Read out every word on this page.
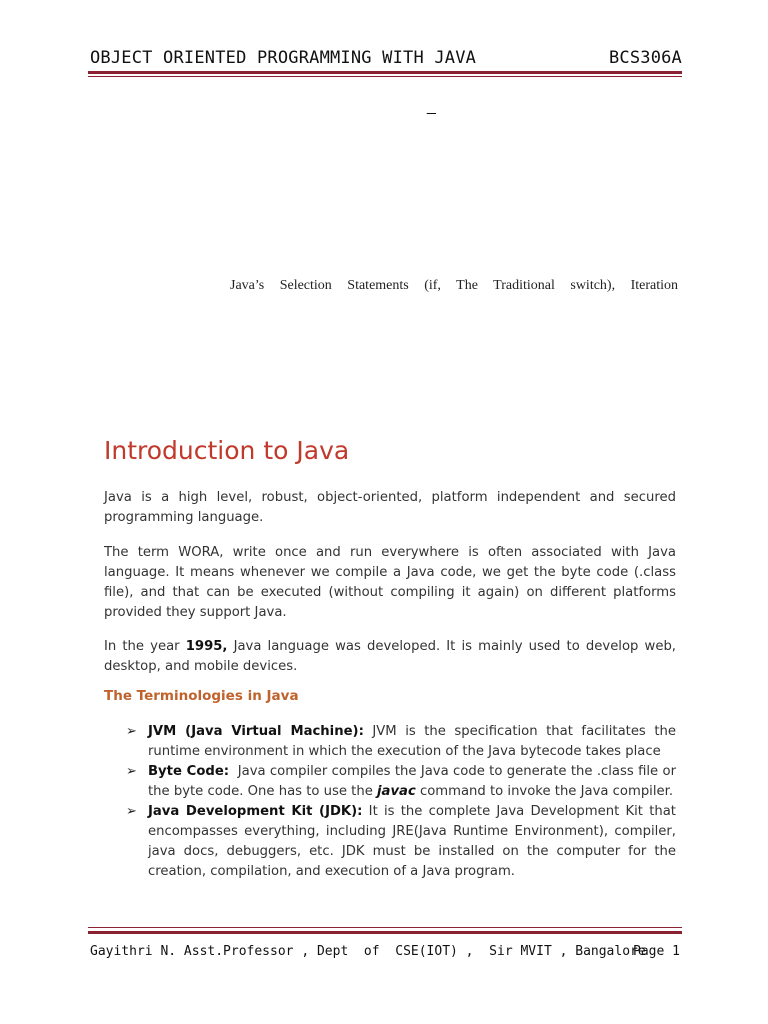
OBJECT ORIENTED PROGRAMMING WITH JAVA	BCS306A
_
Java’s Selection Statements (if, The Traditional switch), Iteration
Introduction to Java

Java is a high level, robust, object-oriented, platform independent and secured programming language.

The term WORA, write once and run everywhere is often associated with Java language. It means whenever we compile a Java code, we get the byte code (.class file), and that can be executed (without compiling it again) on different platforms provided they support Java.

In the year 1995, Java language was developed. It is mainly used to develop web, desktop, and mobile devices.

The Terminologies in Java
➢ JVM (Java Virtual Machine): JVM is the specification that facilitates the runtime environment in which the execution of the Java bytecode takes place
➢ Byte Code:  Java compiler compiles the Java code to generate the .class file or the byte code. One has to use the javac command to invoke the Java compiler.
➢ Java Development Kit (JDK): It is the complete Java Development Kit that encompasses everything, including JRE(Java Runtime Environment), compiler, java docs, debuggers, etc. JDK must be installed on the computer for the creation, compilation, and execution of a Java program.
Gayithri N. Asst.Professor , Dept  of  CSE(IOT) ,  Sir MVIT , Bangalore
Page 1
